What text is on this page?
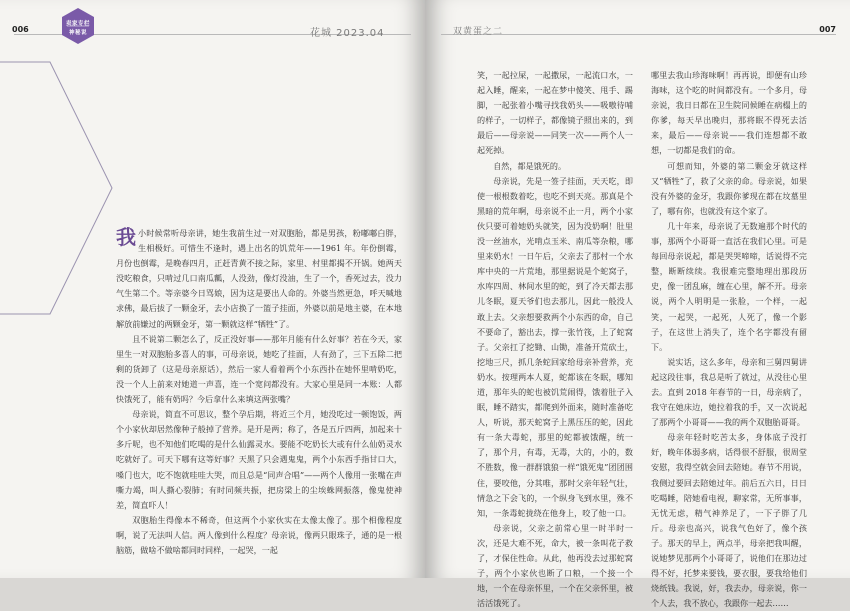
006
卖家专栏
神秘说	花城 2023.04

我小时候常听母亲讲，她生我前生过一对双胞胎，都是男孩，粉嘟嘟白胖，生相极好。可惜生不逢时，遇上出名的饥荒年——1961 年。年份倒霉，月份也倒霉，是晚春四月，正赶青黄不接之际，家里、村里都揭不开锅。她两天没吃粮食，只啃过几口南瓜瓤，人没劲，像灯没油，生了一个，香死过去，没力气生第二个。等亲婆今日骂娘，因为这是要出人命的。外婆当然更急，呼天喊地求佛，最后拔了一颗金牙，去小店换了一篮子挂面，外婆以前是地主婆，在本地解放前嫌过的两颗金牙，第一颗就这样“牺牲”了。

且不说第二颗怎么了，反正没好事——那年月能有什么好事？若在今天，家里生一对双胞胎多喜人的事，可母亲说，她吃了挂面，人有劲了，三下五除二把剩的货卸了（这是母亲原话），然后一家人看着两个小东西扑在她怀里啃奶吃，没一个人上前来对她道一声喜，连一个宽问都没有。大家心里是同一本账：人都快饿死了，能有奶吗？今后拿什么来填这两张嘴？

母亲说，简直不可思议，整个孕后期，将近三个月，她没吃过一顿饱饭，两个小家伙却居然像种子般掉了营养。是开是两；称了，各是五斤四两，加起来十多斤呢，也不知他们吃喝的是什么仙露灵水。要能不吃奶长大或有什么仙奶灵水吃就好了。可天下哪有这等好事？天黑了只会遇鬼鬼，两个小东西手指甘口大，嗓门也大，吃不饱就哇哇大哭，而且总是“同声合唱”——两个人像用一张嘴在声嘶力竭，叫人撕心裂肺；有时同频共振，把房梁上的尘埃蛛网振落，像鬼使神差，简直吓人！

双胞胎生得像本不稀奇，但这两个小家伙实在太像太像了。那个相像程度啊，说了无法叫人信。两人像到什么程度？母亲说，像两只眼珠子，通的是一根脑筋，做啥不做啥都同时同样，一起哭，一起

双黄蛋之二	007

笑，一起拉屎，一起撒尿，一起流口水，一起入睡，醒来，一起在梦中傻笑、甩手、踢脚，一起张着小嘴寻找我奶头——吸嗷待哺的样子，一切样子，都像镜子照出来的，到最后——母亲说——同笑一次——两个人一起死掉。

自然，都是饿死的。

母亲说，先是一签子挂面，天天吃，即使一根根数着吃，也吃不到天亮。那真是个黑暗的荒年啊，母亲说不止一月，两个小家伙只要可着她奶头就笑，因为没奶啊！肚里没一丝油水，光啃点玉米、南瓜等杂粮，哪里来奶水！一日午后，父亲去了那村一个水库中央的一片荒地，那里据说是个蛇窝子，水库四周、林间水里的蛇，到了冷天都去那儿冬眠，夏天爷们也去那儿，因此一般没人敢上去。父亲想要救两个小东西的命，自己不要命了，豁出去，撑一张竹筏，上了蛇窝子。父亲扛了挖锄、山锄，准备开荒砍土，挖地三尺，抓几条蛇回家给母亲补营养，充奶水。按理两本人夏，蛇都该在冬眠，哪知道，那年头的蛇也被饥荒闹得，饿着肚子入眠，睡不踏实，都爬到外面来，随时准备吃人，听说，那天蛇窝子上黑压压的蛇，因此有一条大毒蛇，那里的蛇都被饿醒，统一了，那个月，有毒，无毒，大的，小的，数不胜数，像一群群饿狼一样“饿死鬼”团团围住，要咬他，分其唯，那时父亲年轻气壮，情急之下会飞的，一个纵身飞到水里，殊不知，一条毒蛇拢绕在他身上，咬了他一口。

母亲说，父亲之前常心里一时半时一次，还是大难不死，命大，被一条叫花子救了，才保住性命。从此，他再没去过那蛇窝子，两个小家伙也断了口粮，一个接一个地，一个在母亲怀里，一个在父亲怀里，被活活饿死了。

哪里去我山珍海味啊！再再说，即便有山珍海味，这个吃的时间都没有。一个多月，母亲说，我日日都在卫生院同候睡在病榻上的你爹，每天早出晚归，那将眠不得死去活来，最后——母亲说——我们连想都不敢想，一切都是我们的命。

可想而知，外婆的第二颗金牙就这样又“牺牲”了，救了父亲的命。母亲说，如果没有外婆的金牙，我跟你爹现在都在坟墓里了，哪有你，也就没有这个家了。

几十年来，母亲说了无数遍那个时代的事，那两个小哥哥一直活在我们心里。可是每回母亲说起，都是哭哭啼啼，话说得不完整，断断续续。我很难完整地理出那段历史，像一团乱麻，缠在心里，解不开。母亲说，两个人明明是一张脸，一个样，一起笑，一起哭，一起死，人死了，像一个影子，在这世上消失了，连个名字都没有留下。

说实话，这么多年，母亲和三舅四舅讲起这段往事，我总是听了就过，从没往心里去。直到 2018 年春节的一日，母亲病了，我守在她床边，她拉着我的手，又一次说起了那两个小哥哥——我的两个双胞胎哥哥。

母亲年轻时吃苦太多，身体底子没打好，晚年体弱多病，话得很不舒服，很周堂安慰，我得空就会回去陪她。春节不用说，我侧过要回去陪她过年。前后五六日，日日吃喝睡，陪她看电视，聊家常，无所事事，无忧无虑，精气神养足了，一下子胖了几斤。母亲也高兴，说我气色好了，像个孩子。那天的早上，两点半，母亲把我叫醒，说她梦见那两个小哥哥了，说他们在那边过得不好，托梦来要钱，要衣服，要我给他们烧纸钱。我说，好，我去办，母亲说，你一个人去，我不放心，我跟你一起去……
